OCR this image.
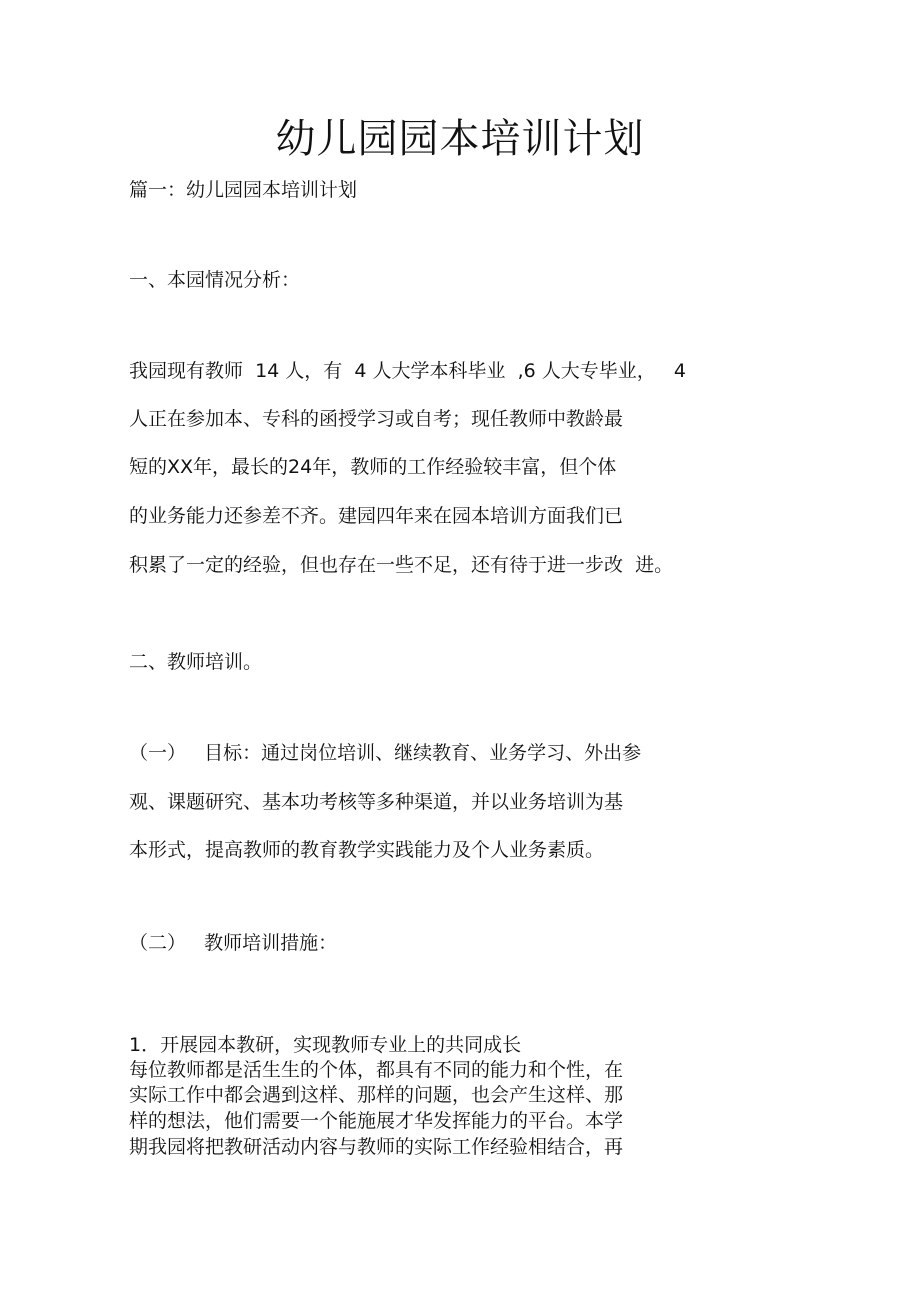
幼儿园园本培训计划

篇一：幼儿园园本培训计划

一、本园情况分析：

我园现有教师  14 人，有  4 人大学本科毕业  ,6 人大专毕业，   4

人正在参加本、专科的函授学习或自考；现任教师中教龄最

短的XX年，最长的24年，教师的工作经验较丰富，但个体

的业务能力还参差不齐。建园四年来在园本培训方面我们已

积累了一定的经验，但也存在一些不足，还有待于进一步改  进。

二、教师培训。

（一）   目标：通过岗位培训、继续教育、业务学习、外出参

观、课题研究、基本功考核等多种渠道，并以业务培训为基

本形式，提高教师的教育教学实践能力及个人业务素质。

（二）   教师培训措施：

1．开展园本教研，实现教师专业上的共同成长

每位教师都是活生生的个体，都具有不同的能力和个性，在

实际工作中都会遇到这样、那样的问题，也会产生这样、那

样的想法，他们需要一个能施展才华发挥能力的平台。本学

期我园将把教研活动内容与教师的实际工作经验相结合，再
